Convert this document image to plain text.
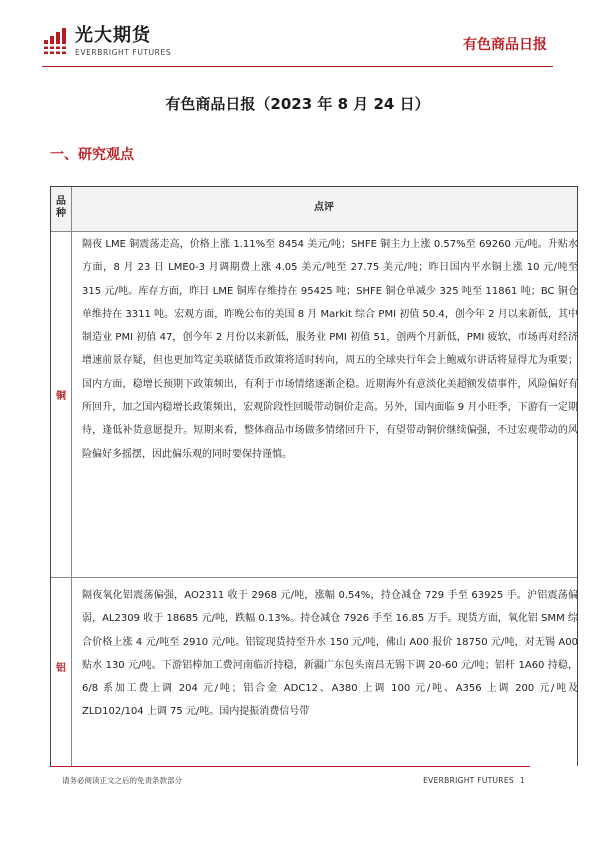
光大期货
EVERBRIGHT FUTURES	有色商品日报
有色商品日报（2023 年 8 月 24 日）
一、研究观点
品
种
点评
铜
隔夜 LME 铜震荡走高，价格上涨 1.11%至 8454 美元/吨；SHFE 铜主力上涨 0.57%至 69260 元/吨。升贴水方面，8 月 23 日 LME0-3 月调期费上涨 4.05 美元/吨至 27.75 美元/吨；昨日国内平水铜上涨 10 元/吨至 315 元/吨。库存方面，昨日 LME 铜库存维持在 95425 吨；SHFE 铜仓单减少 325 吨至 11861 吨；BC 铜仓单维持在 3311 吨。宏观方面，昨晚公布的美国 8 月 Markit 综合 PMI 初值 50.4，创今年 2 月以来新低，其中制造业 PMI 初值 47，创今年 2 月份以来新低，服务业 PMI 初值 51，创两个月新低，PMI 疲软，市场再对经济增速前景存疑，但也更加笃定美联储货币政策将适时转向，周五的全球央行年会上鲍威尔讲话将显得尤为重要；国内方面，稳增长预期下政策频出，有利于市场情绪逐渐企稳。近期海外有意淡化美超额发债事件，风险偏好有所回升，加之国内稳增长政策频出，宏观阶段性回暖带动铜价走高。另外，国内面临 9 月小旺季，下游有一定期待，逢低补货意愿提升。短期来看，整体商品市场做多情绪回升下，有望带动铜价继续偏强，不过宏观带动的风险偏好多摇摆，因此偏乐观的同时要保持谨慎。
铝
隔夜氧化铝震荡偏强，AO2311 收于 2968 元/吨，涨幅 0.54%，持仓减仓 729 手至 63925 手。沪铝震荡偏弱，AL2309 收于 18685 元/吨，跌幅 0.13%。持仓减仓 7926 手至 16.85 万手。现货方面，氧化铝 SMM 综合价格上涨 4 元/吨至 2910 元/吨。铝锭现货持至升水 150 元/吨，佛山 A00 报价 18750 元/吨，对无锡 A00 贴水 130 元/吨。下游铝棒加工费河南临沂持稳，新疆广东包头南昌无锡下调 20-60 元/吨；铝杆 1A60 持稳，6/8 系加工费上调 204 元/吨；铝合金 ADC12、A380 上调 100 元/吨、A356 上调 200 元/吨及 ZLD102/104 上调 75 元/吨。国内提振消费信号带
请务必阅读正文之后的免责条款部分	EVERBRIGHT FUTURES 1
